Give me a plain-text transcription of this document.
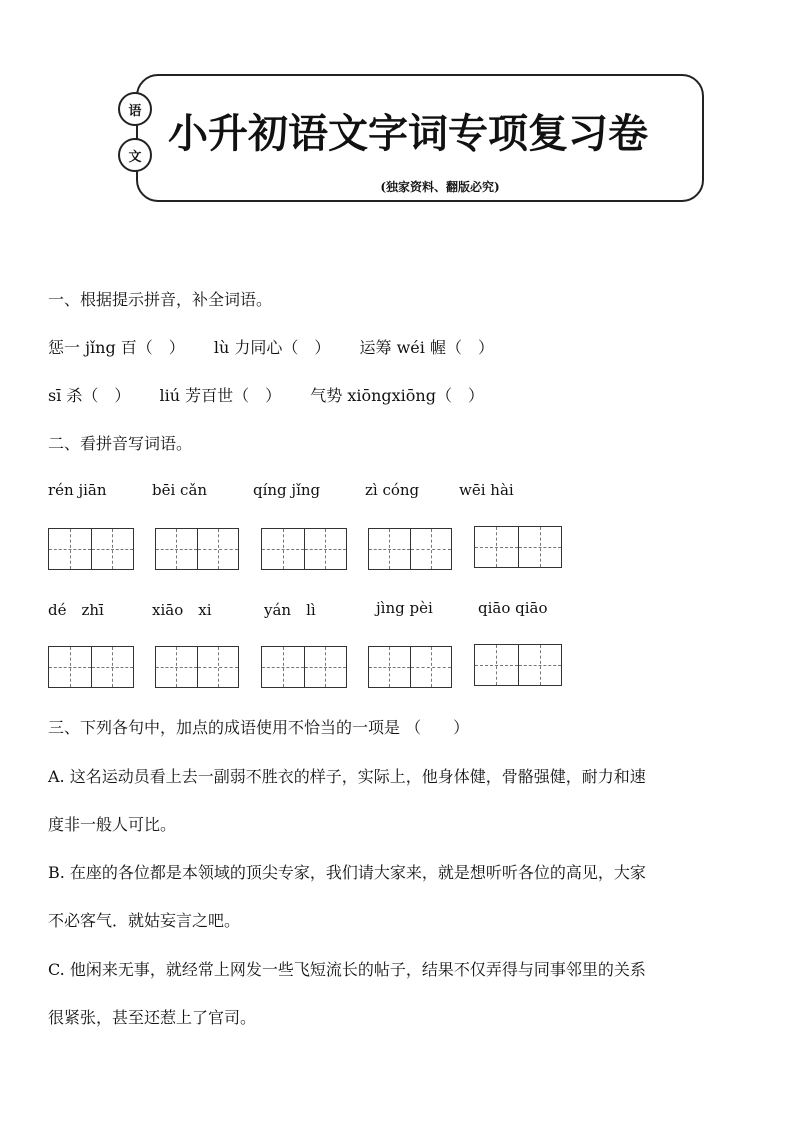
语
文 小升初语文字词专项复习卷
(独家资料、翻版必究)
一、根据提示拼音，补全词语。
惩一 jǐng 百（　） lù 力同心（　） 运筹 wéi 幄（　）
sī 杀（　） liú 芳百世（　） 气势 xiōngxiōng（　）
二、看拼音写词语。
rén jiān	bēi cǎn	qíng jǐng	zì cóng	wēi hài
dé　zhī	xiāo　xi	yán　lì	jìng pèi	qiāo qiāo
三、下列各句中，加点的成语使用不恰当的一项是 （　　）
A. 这名运动员看上去一副弱不胜衣的样子，实际上，他身体健，骨骼强健，耐力和速
度非一般人可比。
B. 在座的各位都是本领域的顶尖专家，我们请大家来，就是想听听各位的高见，大家
不必客气．就姑妄言之吧。
C. 他闲来无事，就经常上网发一些飞短流长的帖子，结果不仅弄得与同事邻里的关系
很紧张，甚至还惹上了官司。
